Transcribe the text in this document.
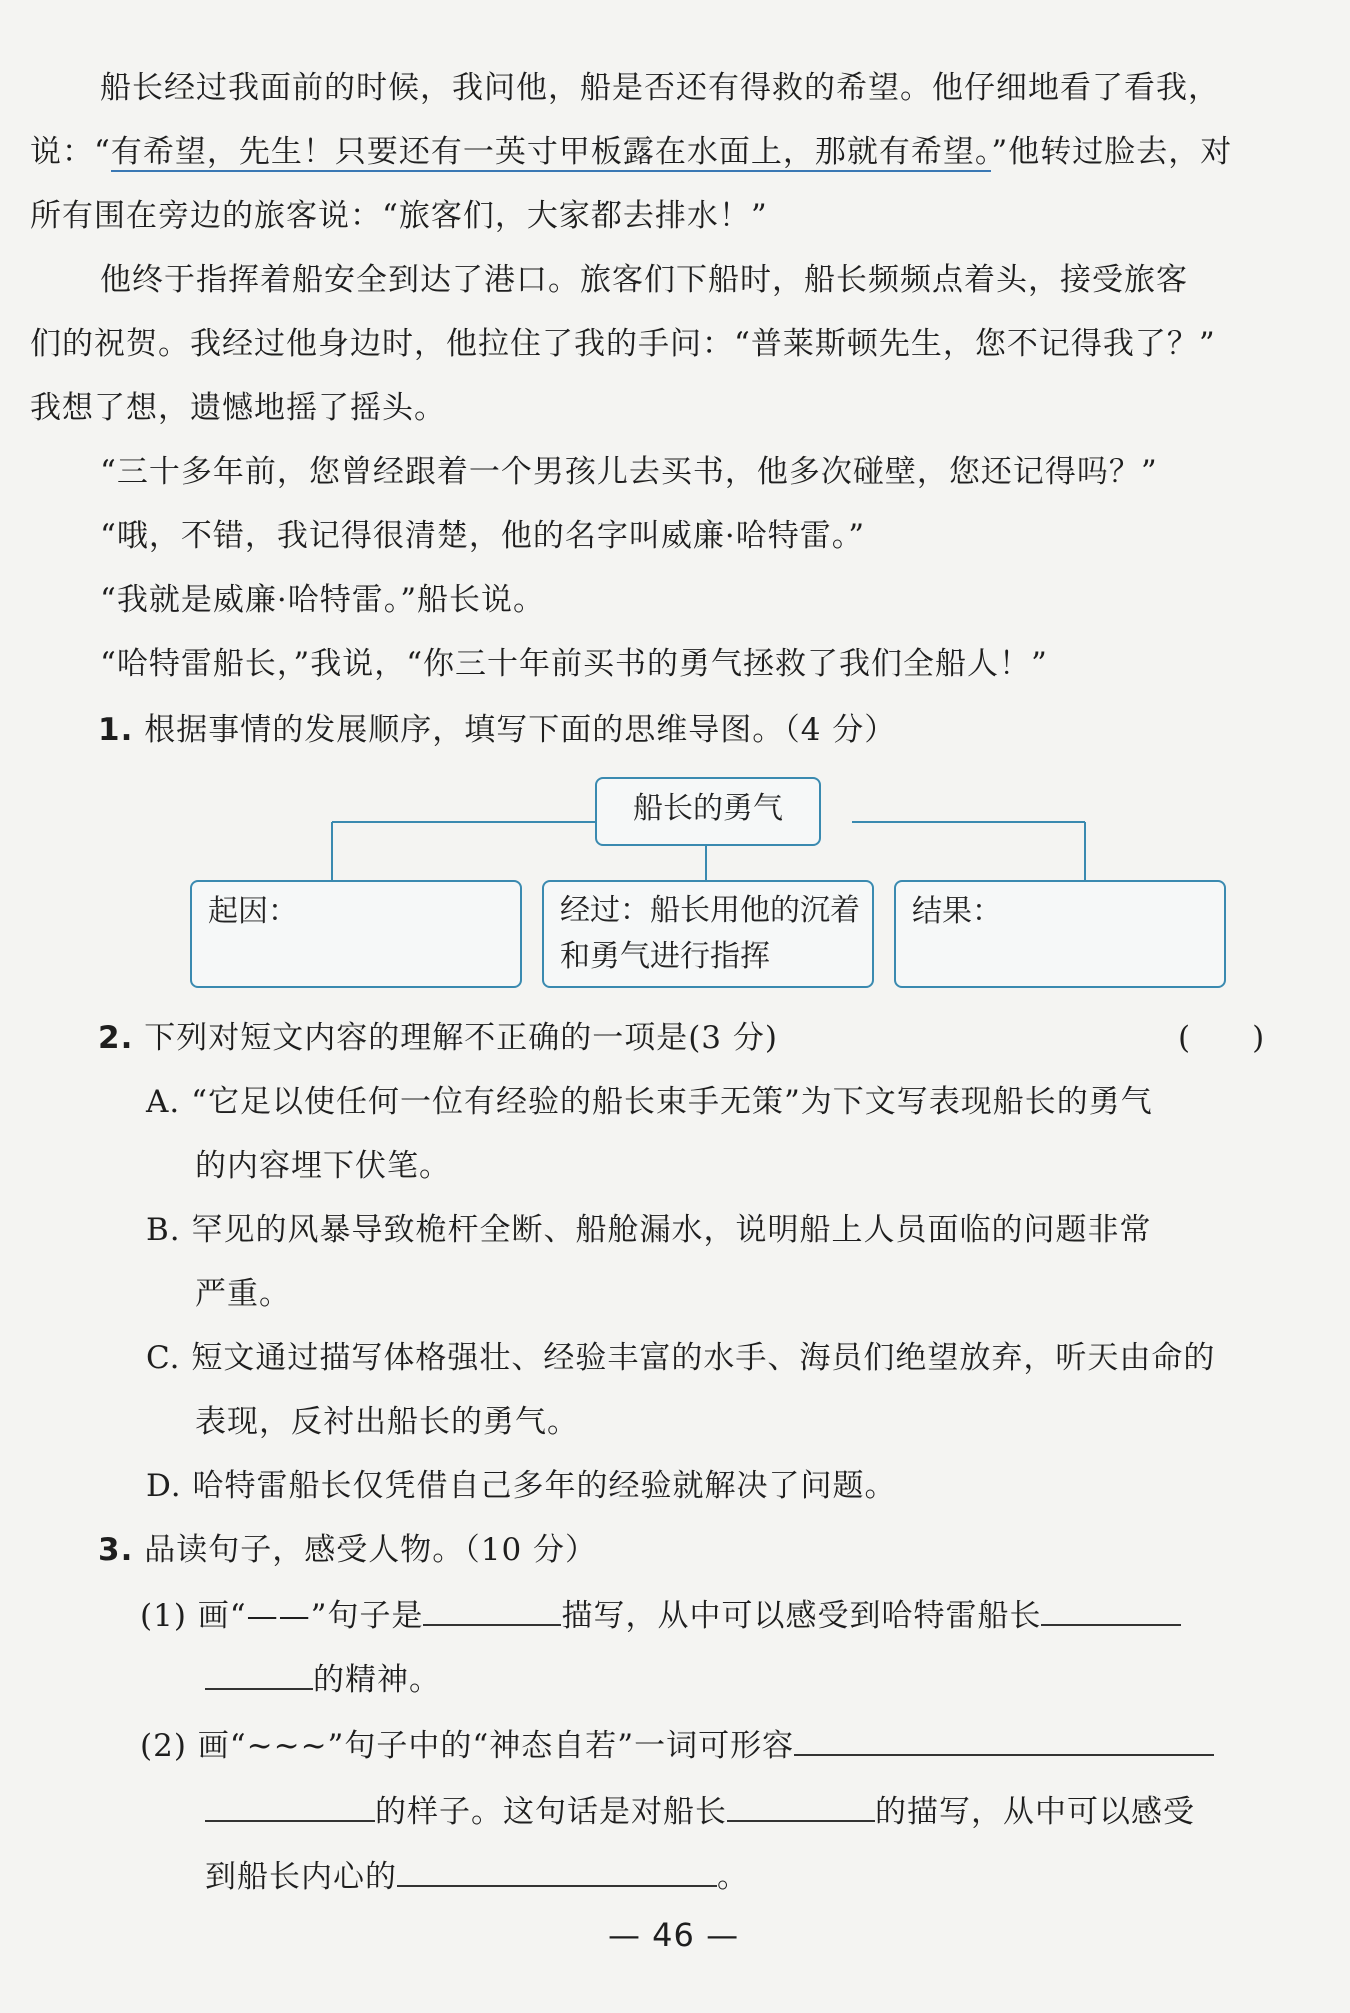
船长经过我面前的时候，我问他，船是否还有得救的希望。他仔细地看了看我，
说：“有希望，先生！只要还有一英寸甲板露在水面上，那就有希望。”他转过脸去，对
所有围在旁边的旅客说：“旅客们，大家都去排水！”
他终于指挥着船安全到达了港口。旅客们下船时，船长频频点着头，接受旅客
们的祝贺。我经过他身边时，他拉住了我的手问：“普莱斯顿先生，您不记得我了？”
我想了想，遗憾地摇了摇头。
“三十多年前，您曾经跟着一个男孩儿去买书，他多次碰壁，您还记得吗？”
“哦，不错，我记得很清楚，他的名字叫威廉·哈特雷。”
“我就是威廉·哈特雷。”船长说。
“哈特雷船长，”我说，“你三十年前买书的勇气拯救了我们全船人！”
1. 根据事情的发展顺序，填写下面的思维导图。（4 分）
船长的勇气
起因：	经过：船长用他的沉着
和勇气进行指挥
结果：
2. 下列对短文内容的理解不正确的一项是(3 分)	(　　)
A. “它足以使任何一位有经验的船长束手无策”为下文写表现船长的勇气
的内容埋下伏笔。
B. 罕见的风暴导致桅杆全断、船舱漏水，说明船上人员面临的问题非常
严重。
C. 短文通过描写体格强壮、经验丰富的水手、海员们绝望放弃，听天由命的
表现，反衬出船长的勇气。
D. 哈特雷船长仅凭借自己多年的经验就解决了问题。
3. 品读句子，感受人物。（10 分）
(1) 画“——”句子是	描写，从中可以感受到哈特雷船长
的精神。
(2) 画“~~~”句子中的“神态自若”一词可形容
的样子。这句话是对船长	的描写，从中可以感受
到船长内心的	。
— 46 —
